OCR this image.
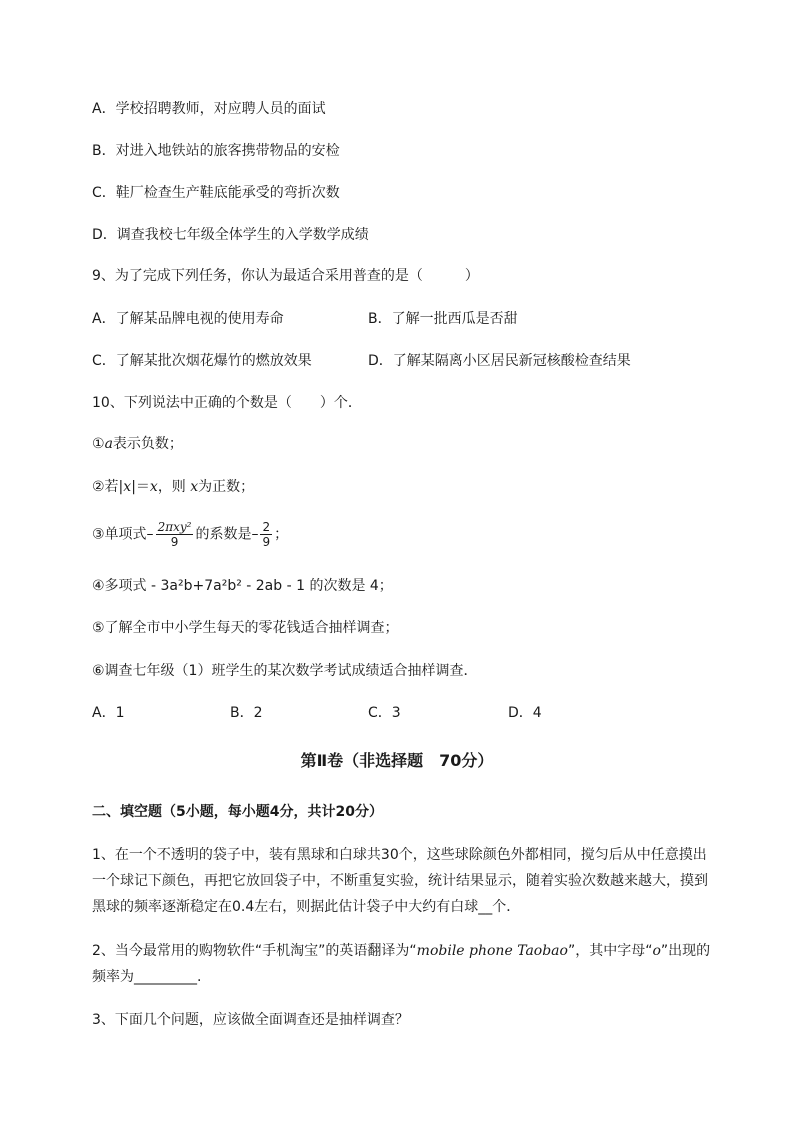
A．学校招聘教师，对应聘人员的面试
B．对进入地铁站的旅客携带物品的安检
C．鞋厂检查生产鞋底能承受的弯折次数
D．调查我校七年级全体学生的入学数学成绩
9、为了完成下列任务，你认为最适合采用普查的是（　　　）
A．了解某品牌电视的使用寿命	B．了解一批西瓜是否甜
C．了解某批次烟花爆竹的燃放效果	D．了解某隔离小区居民新冠核酸检查结果
10、下列说法中正确的个数是（　　）个．
①a表示负数；
②若|x|＝x，则 x为正数；
③单项式– $\frac{\text{2πxy²}}{9}$ 的系数是– $\frac{2}{9}$ ；
④多项式 - 3a²b+7a²b² - 2ab - 1 的次数是 4；
⑤了解全市中小学生每天的零花钱适合抽样调查；
⑥调查七年级（1）班学生的某次数学考试成绩适合抽样调查．
A．1	B．2	C．3	D．4
第Ⅱ卷（非选择题　70分）
二、填空题（5小题，每小题4分，共计20分）
1、在一个不透明的袋子中，装有黑球和白球共30个，这些球除颜色外都相同，搅匀后从中任意摸出一个球记下颜色，再把它放回袋子中，不断重复实验，统计结果显示，随着实验次数越来越大，摸到黑球的频率逐渐稳定在0.4左右，则据此估计袋子中大约有白球__个．
2、当今最常用的购物软件“手机淘宝”的英语翻译为“mobile phone Taobao”，其中字母“o”出现的频率为_________.
3、下面几个问题，应该做全面调查还是抽样调查？
